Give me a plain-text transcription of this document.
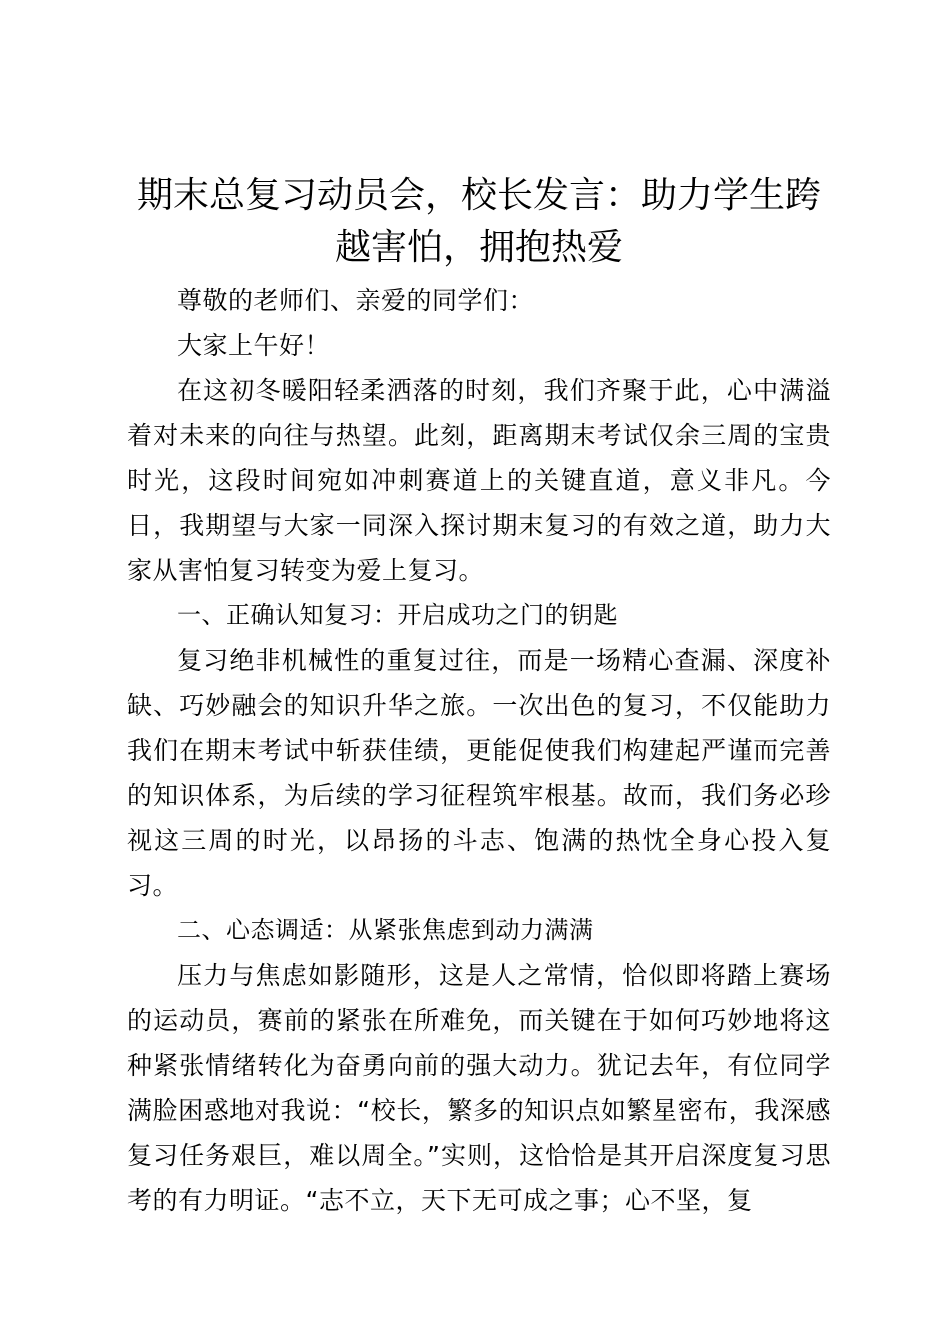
期末总复习动员会，校长发言：助力学生跨越害怕，拥抱热爱

尊敬的老师们、亲爱的同学们：

大家上午好！

在这初冬暖阳轻柔洒落的时刻，我们齐聚于此，心中满溢着对未来的向往与热望。此刻，距离期末考试仅余三周的宝贵时光，这段时间宛如冲刺赛道上的关键直道，意义非凡。今日，我期望与大家一同深入探讨期末复习的有效之道，助力大家从害怕复习转变为爱上复习。

一、正确认知复习：开启成功之门的钥匙

复习绝非机械性的重复过往，而是一场精心查漏、深度补缺、巧妙融会的知识升华之旅。一次出色的复习，不仅能助力我们在期末考试中斩获佳绩，更能促使我们构建起严谨而完善的知识体系，为后续的学习征程筑牢根基。故而，我们务必珍视这三周的时光，以昂扬的斗志、饱满的热忱全身心投入复习。

二、心态调适：从紧张焦虑到动力满满

压力与焦虑如影随形，这是人之常情，恰似即将踏上赛场的运动员，赛前的紧张在所难免，而关键在于如何巧妙地将这种紧张情绪转化为奋勇向前的强大动力。犹记去年，有位同学满脸困惑地对我说：“校长，繁多的知识点如繁星密布，我深感复习任务艰巨，难以周全。”实则，这恰恰是其开启深度复习思考的有力明证。“志不立，天下无可成之事；心不坚，复
